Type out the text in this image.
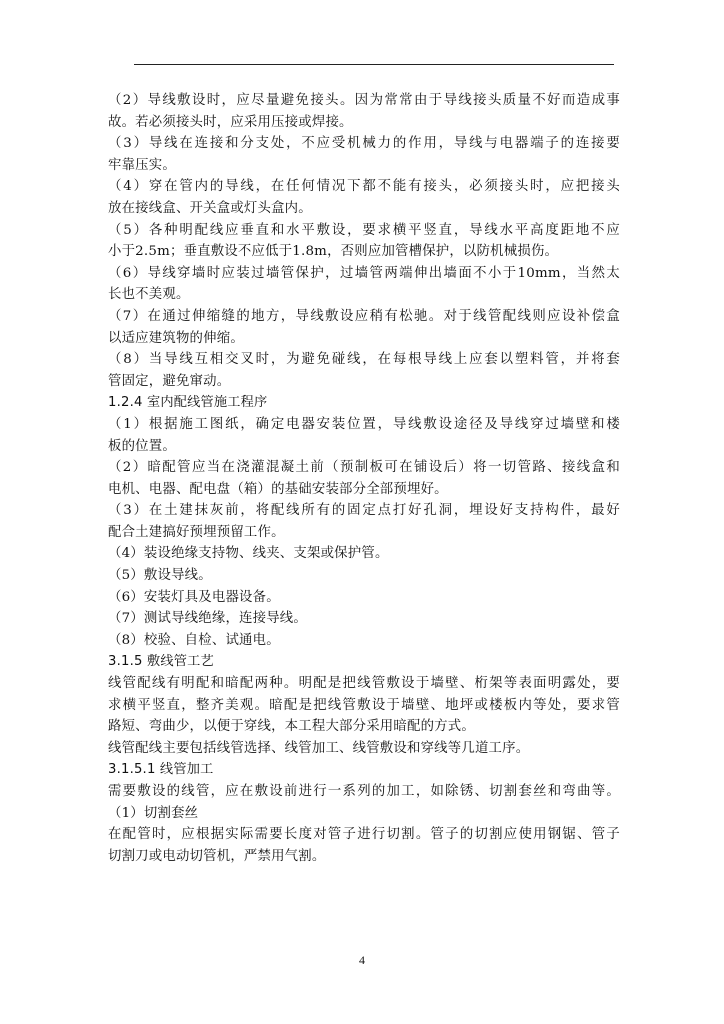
（2）导线敷设时，应尽量避免接头。因为常常由于导线接头质量不好而造成事
故。若必须接头时，应采用压接或焊接。
（3）导线在连接和分支处，不应受机械力的作用，导线与电器端子的连接要
牢靠压实。
（4）穿在管内的导线，在任何情况下都不能有接头，必须接头时，应把接头
放在接线盒、开关盒或灯头盒内。
（5）各种明配线应垂直和水平敷设，要求横平竖直，导线水平高度距地不应
小于2.5m；垂直敷设不应低于1.8m，否则应加管槽保护，以防机械损伤。
（6）导线穿墙时应装过墙管保护，过墙管两端伸出墙面不小于10mm，当然太
长也不美观。
（7）在通过伸缩缝的地方，导线敷设应稍有松驰。对于线管配线则应设补偿盒
以适应建筑物的伸缩。
（8）当导线互相交叉时，为避免碰线，在每根导线上应套以塑料管，并将套
管固定，避免窜动。
1.2.4 室内配线管施工程序
（1）根据施工图纸，确定电器安装位置，导线敷设途径及导线穿过墙壁和楼
板的位置。
（2）暗配管应当在浇灌混凝土前（预制板可在铺设后）将一切管路、接线盒和
电机、电器、配电盘（箱）的基础安装部分全部预埋好。
（3）在土建抹灰前，将配线所有的固定点打好孔洞，埋设好支持构件，最好
配合土建搞好预埋预留工作。
（4）装设绝缘支持物、线夹、支架或保护管。
（5）敷设导线。
（6）安装灯具及电器设备。
（7）测试导线绝缘，连接导线。
（8）校验、自检、试通电。
3.1.5 敷线管工艺
线管配线有明配和暗配两种。明配是把线管敷设于墙壁、桁架等表面明露处，要
求横平竖直，整齐美观。暗配是把线管敷设于墙壁、地坪或楼板内等处，要求管
路短、弯曲少，以便于穿线，本工程大部分采用暗配的方式。
线管配线主要包括线管选择、线管加工、线管敷设和穿线等几道工序。
3.1.5.1 线管加工
需要敷设的线管，应在敷设前进行一系列的加工，如除锈、切割套丝和弯曲等。
（1）切割套丝
在配管时，应根据实际需要长度对管子进行切割。管子的切割应使用钢锯、管子
切割刀或电动切管机，严禁用气割。
4
